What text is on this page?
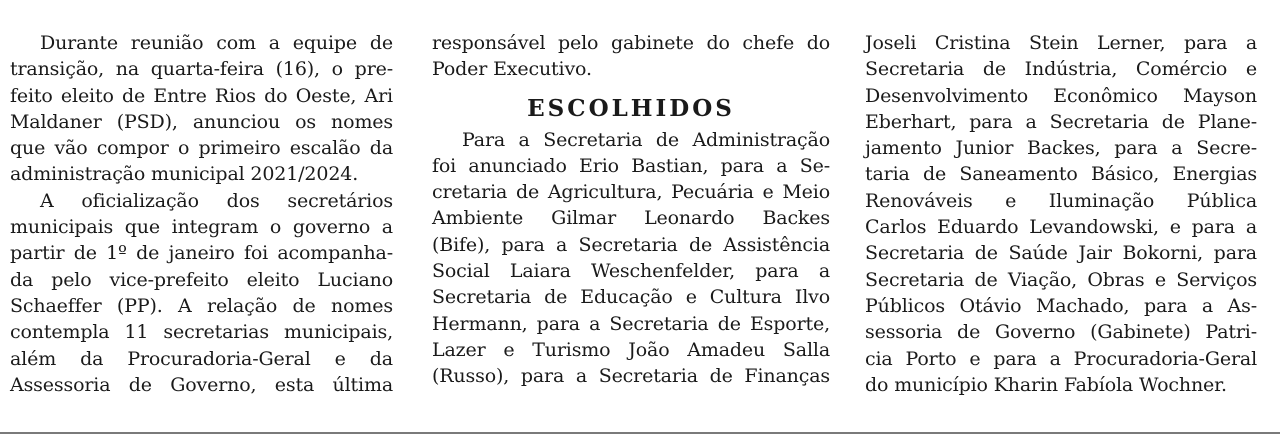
Durante reunião com a equipe de
transição, na quarta-feira (16), o pre-
feito eleito de Entre Rios do Oeste, Ari
Maldaner (PSD), anunciou os nomes
que vão compor o primeiro escalão da
administração municipal 2021/2024.
A oficialização dos secretários
municipais que integram o governo a
partir de 1º de janeiro foi acompanha-
da pelo vice-prefeito eleito Luciano
Schaeffer (PP). A relação de nomes
contempla 11 secretarias municipais,
além da Procuradoria-Geral e da
Assessoria de Governo, esta última
responsável pelo gabinete do chefe do
Poder Executivo.
ESCOLHIDOS
Para a Secretaria de Administração
foi anunciado Erio Bastian, para a Se-
cretaria de Agricultura, Pecuária e Meio
Ambiente Gilmar Leonardo Backes
(Bife), para a Secretaria de Assistência
Social Laiara Weschenfelder, para a
Secretaria de Educação e Cultura Ilvo
Hermann, para a Secretaria de Esporte,
Lazer e Turismo João Amadeu Salla
(Russo), para a Secretaria de Finanças
Joseli Cristina Stein Lerner, para a
Secretaria de Indústria, Comércio e
Desenvolvimento Econômico Mayson
Eberhart, para a Secretaria de Plane-
jamento Junior Backes, para a Secre-
taria de Saneamento Básico, Energias
Renováveis e Iluminação Pública
Carlos Eduardo Levandowski, e para a
Secretaria de Saúde Jair Bokorni, para
Secretaria de Viação, Obras e Serviços
Públicos Otávio Machado, para a As-
sessoria de Governo (Gabinete) Patri-
cia Porto e para a Procuradoria-Geral
do município Kharin Fabíola Wochner.
